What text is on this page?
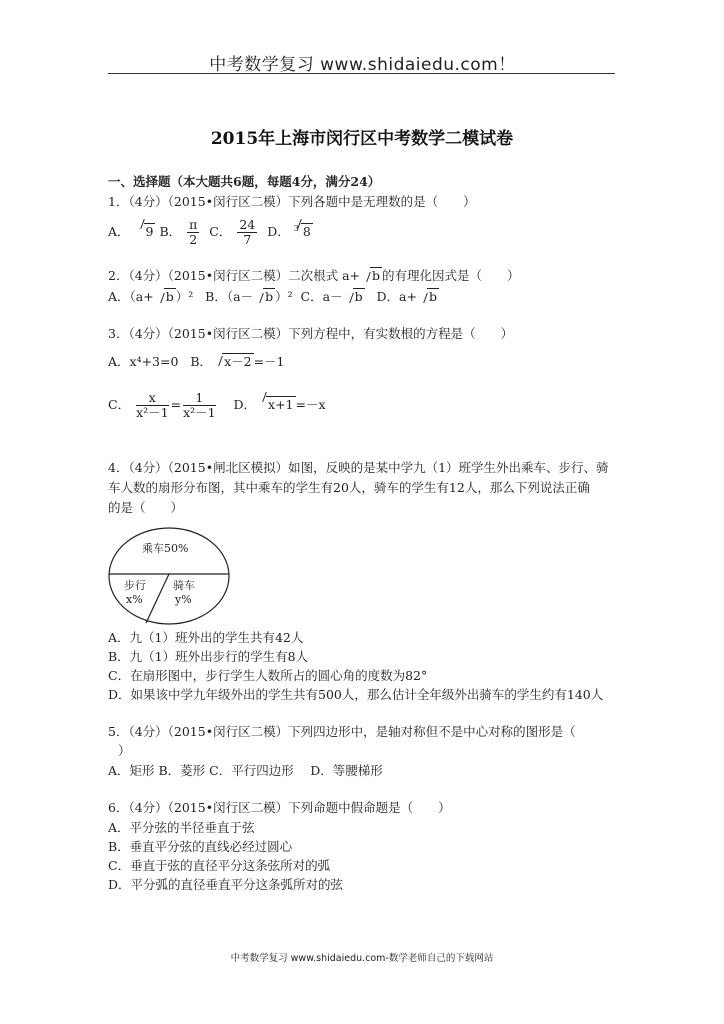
中考数学复习 www.shidaiedu.com！
2015年上海市闵行区中考数学二模试卷
一、选择题（本大题共6题，每题4分，满分24）
1．（4分）（2015•闵行区二模）下列各题中是无理数的是（　　）
A． 9 B． $\frac{\pi}{2}$ C． $\frac{24}{7}$ D． $^3$ 8
2．（4分）（2015•闵行区二模）二次根式 a+ b 的有理化因式是（　　）
A．（a+ b ）² B．（a－ b ）² C．a－ b D．a+ b
3．（4分）（2015•闵行区二模）下列方程中，有实数根的方程是（　　）
A．x⁴+3=0 B． x－2 =－1
C． $\frac{x}{\text{x²－1}} = \frac{1}{\text{x²－1}}$ D． x+1 =－x
4．（4分）（2015•闸北区模拟）如图，反映的是某中学九（1）班学生外出乘车、步行、骑
车人数的扇形分布图，其中乘车的学生有20人，骑车的学生有12人，那么下列说法正确
的是（　　）
乘车50%
步行
x%
骑车
y%
A．九（1）班外出的学生共有42人
B．九（1）班外出步行的学生有8人
C．在扇形图中，步行学生人数所占的圆心角的度数为82°
D．如果该中学九年级外出的学生共有500人，那么估计全年级外出骑车的学生约有140人
5．（4分）（2015•闵行区二模）下列四边形中，是轴对称但不是中心对称的图形是（
）
A．矩形 B．菱形 C．平行四边形　 D．等腰梯形
6．（4分）（2015•闵行区二模）下列命题中假命题是（　　）
A．平分弦的半径垂直于弦
B．垂直平分弦的直线必经过圆心
C．垂直于弦的直径平分这条弦所对的弧
D．平分弧的直径垂直平分这条弧所对的弦
中考数学复习 www.shidaiedu.com-数学老师自己的下载网站
